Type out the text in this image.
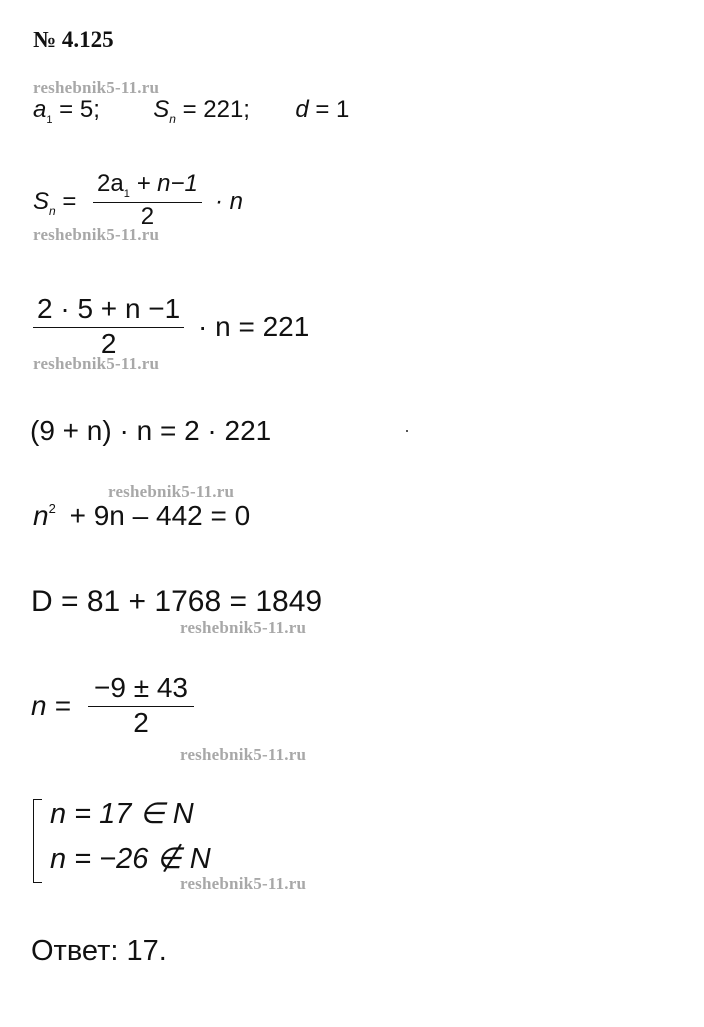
№ 4.125
reshebnik5-11.ru
reshebnik5-11.ru
reshebnik5-11.ru
reshebnik5-11.ru
reshebnik5-11.ru
reshebnik5-11.ru
reshebnik5-11.ru
$a_1 = 5$; $S_n = 221$; d = 1
$S_n = \frac{2a_1 + n-1}{2} \cdot n$
$\frac{2 \cdot 5 + n -1}{2} \cdot n = 221$
(9 + n) · n = 2 · 221
$n^2 + 9n - 442 = 0$
D = 81 + 1768 = 1849
$n = \frac{-9 \pm 43}{2}$
n = 17 ∈ N
n = −26 ∉ N
Ответ: 17.
